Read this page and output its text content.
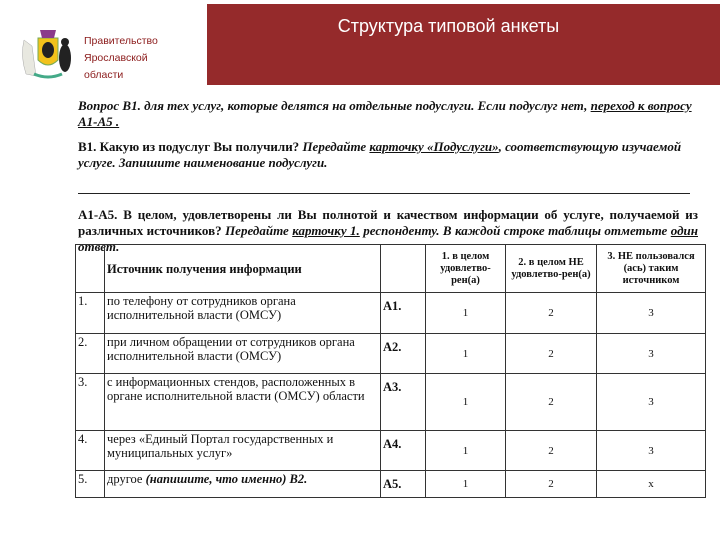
Правительство
Ярославской
области
Структура типовой анкеты
Вопрос В1. для тех услуг, которые делятся на отдельные подуслуги. Если подуслуг нет, переход к вопросу А1-А5 .
В1. Какую из подуслуг Вы получили? Передайте карточку «Подуслуги», соответствующую изучаемой услуге. Запишите наименование подуслуги.
А1-А5. В целом, удовлетворены ли Вы полнотой и качеством информации об услуге, получаемой из различных источников? Передайте карточку 1. респонденту. В каждой строке таблицы отметьте один ответ.
	Источник получения информации		1. в целом удовлетво-рен(а)	2. в целом НЕ удовлетво-рен(а)	3. НЕ пользовался (ась) таким источником
1.	по телефону от сотрудников органа исполнительной власти (ОМСУ)	А1.	1	2	3
2.	при личном обращении от сотрудников органа исполнительной власти (ОМСУ)	А2.	1	2	3
3.	с информационных стендов, расположенных в органе исполнительной власти (ОМСУ) области	А3.	1	2	3
4.	через «Единый Портал государственных и муниципальных услуг»	А4.	1	2	3
5.	другое (напишите, что именно) В2.	А5.	1	2	х
